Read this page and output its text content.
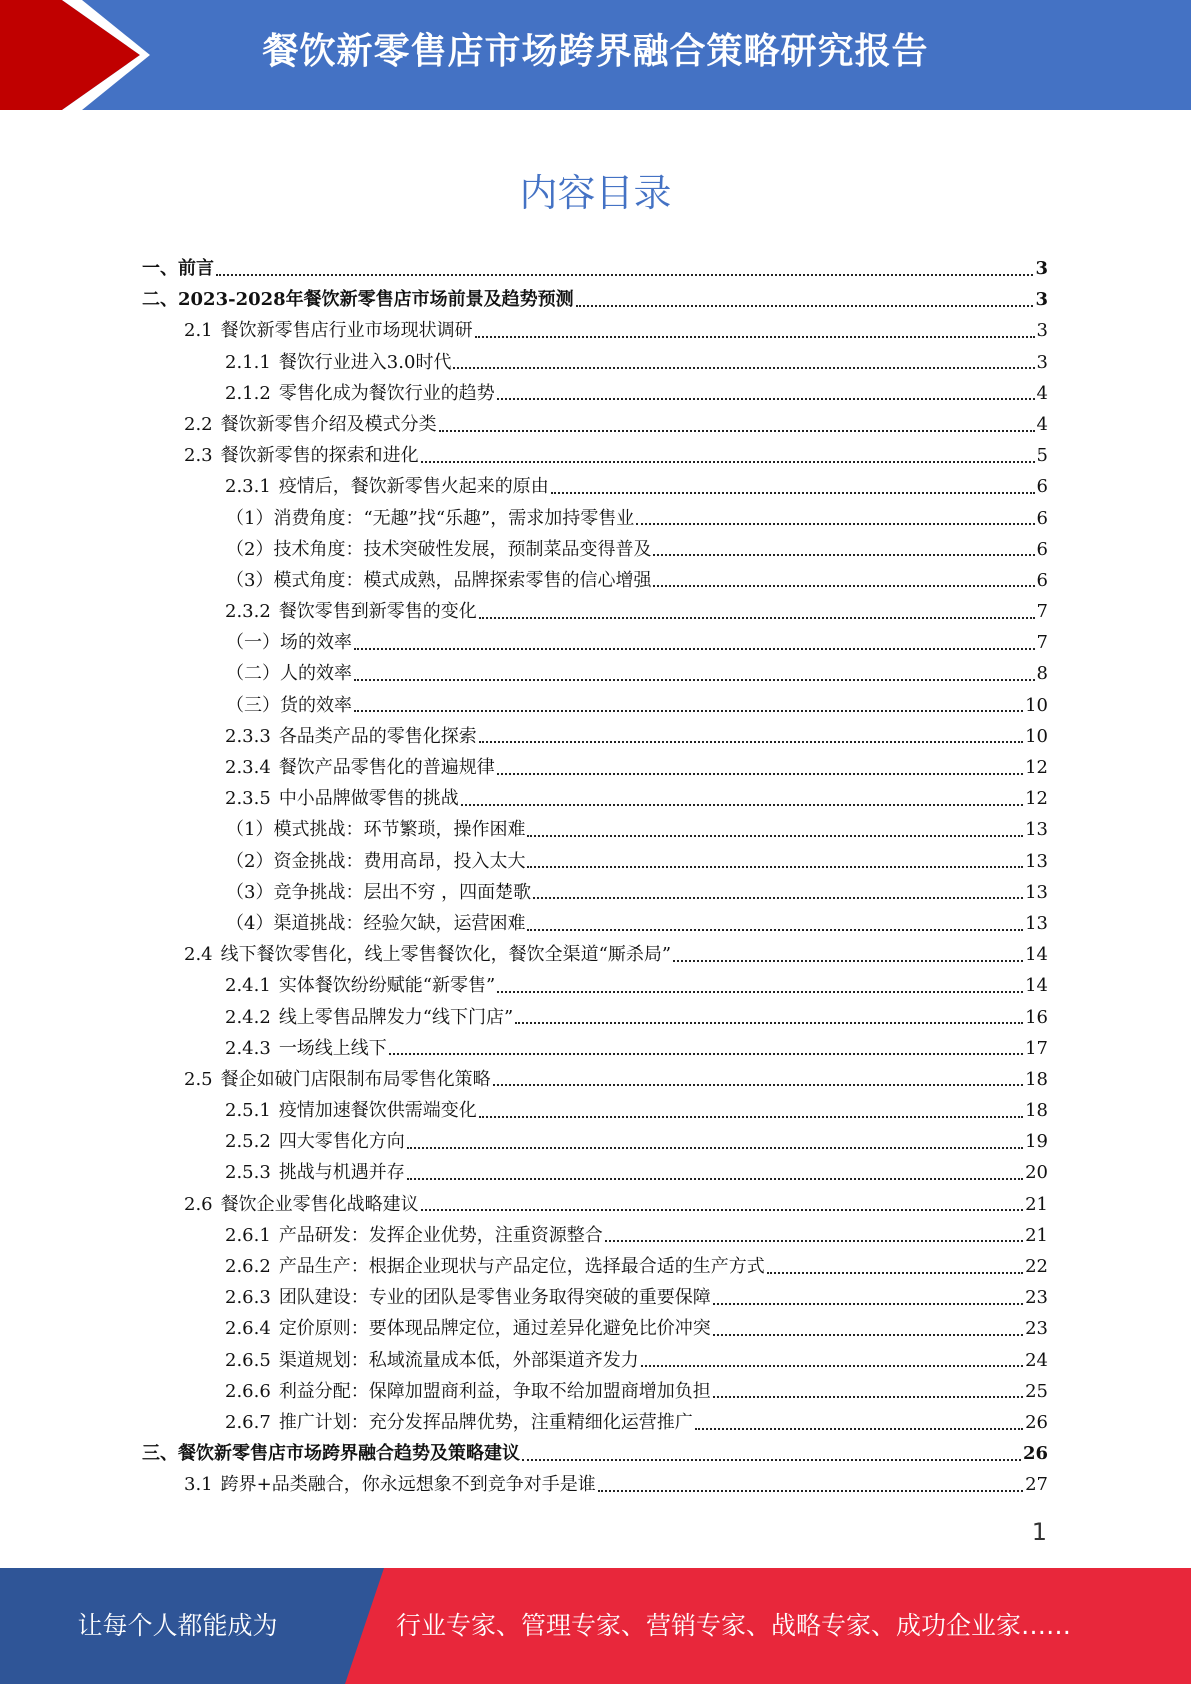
餐饮新零售店市场跨界融合策略研究报告
内容目录
一、前言	3
二、2023-2028年餐饮新零售店市场前景及趋势预测	3
2.1 餐饮新零售店行业市场现状调研	3
2.1.1 餐饮行业进入3.0时代	3
2.1.2 零售化成为餐饮行业的趋势	4
2.2 餐饮新零售介绍及模式分类	4
2.3 餐饮新零售的探索和进化	5
2.3.1 疫情后，餐饮新零售火起来的原由	6
（1）消费角度：“无趣”找“乐趣”，需求加持零售业	6
（2）技术角度：技术突破性发展，预制菜品变得普及	6
（3）模式角度：模式成熟，品牌探索零售的信心增强	6
2.3.2 餐饮零售到新零售的变化	7
（一）场的效率	7
（二）人的效率	8
（三）货的效率	10
2.3.3 各品类产品的零售化探索	10
2.3.4 餐饮产品零售化的普遍规律	12
2.3.5 中小品牌做零售的挑战	12
（1）模式挑战：环节繁琐，操作困难	13
（2）资金挑战：费用高昂，投入太大	13
（3）竞争挑战：层出不穷 ，四面楚歌	13
（4）渠道挑战：经验欠缺，运营困难	13
2.4 线下餐饮零售化，线上零售餐饮化，餐饮全渠道“厮杀局”	14
2.4.1 实体餐饮纷纷赋能“新零售”	14
2.4.2 线上零售品牌发力“线下门店”	16
2.4.3 一场线上线下	17
2.5 餐企如破门店限制布局零售化策略	18
2.5.1 疫情加速餐饮供需端变化	18
2.5.2 四大零售化方向	19
2.5.3 挑战与机遇并存	20
2.6 餐饮企业零售化战略建议	21
2.6.1 产品研发：发挥企业优势，注重资源整合	21
2.6.2 产品生产：根据企业现状与产品定位，选择最合适的生产方式	22
2.6.3 团队建设：专业的团队是零售业务取得突破的重要保障	23
2.6.4 定价原则：要体现品牌定位，通过差异化避免比价冲突	23
2.6.5 渠道规划：私域流量成本低，外部渠道齐发力	24
2.6.6 利益分配：保障加盟商利益，争取不给加盟商增加负担	25
2.6.7 推广计划：充分发挥品牌优势，注重精细化运营推广	26
三、餐饮新零售店市场跨界融合趋势及策略建议	26
3.1 跨界+品类融合，你永远想象不到竞争对手是谁	27
1
让每个人都能成为	行业专家、管理专家、营销专家、战略专家、成功企业家……
